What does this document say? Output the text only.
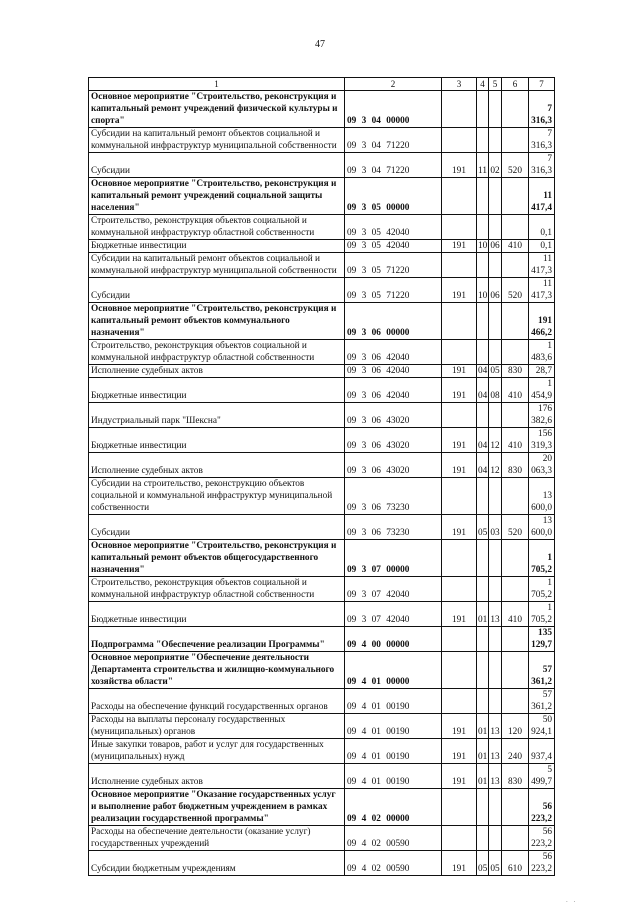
47
1	2	3	4	5	6	7
Основное мероприятие "Строительство, реконструкция и капитальный ремонт учреждений физической культуры и спорта"	09 3 04 00000					7 316,3
Субсидии на капитальный ремонт объектов социальной и коммунальной инфраструктур муниципальной собственности	09 3 04 71220					7 316,3
Субсидии	09 3 04 71220	191	11	02	520	7 316,3
Основное мероприятие "Строительство, реконструкция и капитальный ремонт учреждений социальной защиты населения"	09 3 05 00000					11 417,4
Строительство, реконструкция объектов социальной и коммунальной инфраструктур областной собственности	09 3 05 42040					0,1
Бюджетные инвестиции	09 3 05 42040	191	10	06	410	0,1
Субсидии на капитальный ремонт объектов социальной и коммунальной инфраструктур муниципальной собственности	09 3 05 71220					11 417,3
Субсидии	09 3 05 71220	191	10	06	520	11 417,3
Основное мероприятие "Строительство, реконструкция и капитальный ремонт объектов коммунального назначения"	09 3 06 00000					191 466,2
Строительство, реконструкция объектов социальной и коммунальной инфраструктур областной собственности	09 3 06 42040					1 483,6
Исполнение судебных актов	09 3 06 42040	191	04	05	830	28,7
Бюджетные инвестиции	09 3 06 42040	191	04	08	410	1 454,9
Индустриальный парк "Шексна"	09 3 06 43020					176 382,6
Бюджетные инвестиции	09 3 06 43020	191	04	12	410	156 319,3
Исполнение судебных актов	09 3 06 43020	191	04	12	830	20 063,3
Субсидии на строительство, реконструкцию объектов социальной и коммунальной инфраструктур муниципальной собственности	09 3 06 73230					13 600,0
Субсидии	09 3 06 73230	191	05	03	520	13 600,0
Основное мероприятие "Строительство, реконструкция и капитальный ремонт объектов общегосударственного назначения"	09 3 07 00000					1 705,2
Строительство, реконструкция объектов социальной и коммунальной инфраструктур областной собственности	09 3 07 42040					1 705,2
Бюджетные инвестиции	09 3 07 42040	191	01	13	410	1 705,2
Подпрограмма "Обеспечение реализации Программы"	09 4 00 00000					135 129,7
Основное мероприятие "Обеспечение деятельности Департамента строительства и жилищно-коммунального хозяйства области"	09 4 01 00000					57 361,2
Расходы на обеспечение функций государственных органов	09 4 01 00190					57 361,2
Расходы на выплаты персоналу государственных (муниципальных) органов	09 4 01 00190	191	01	13	120	50 924,1
Иные закупки товаров, работ и услуг для государственных (муниципальных) нужд	09 4 01 00190	191	01	13	240	937,4
Исполнение судебных актов	09 4 01 00190	191	01	13	830	5 499,7
Основное мероприятие "Оказание государственных услуг и выполнение работ бюджетным учреждением в рамках реализации государственной программы"	09 4 02 00000					56 223,2
Расходы на обеспечение деятельности (оказание услуг) государственных учреждений	09 4 02 00590					56 223,2
Субсидии бюджетным учреждениям	09 4 02 00590	191	05	05	610	56 223,2
. .
